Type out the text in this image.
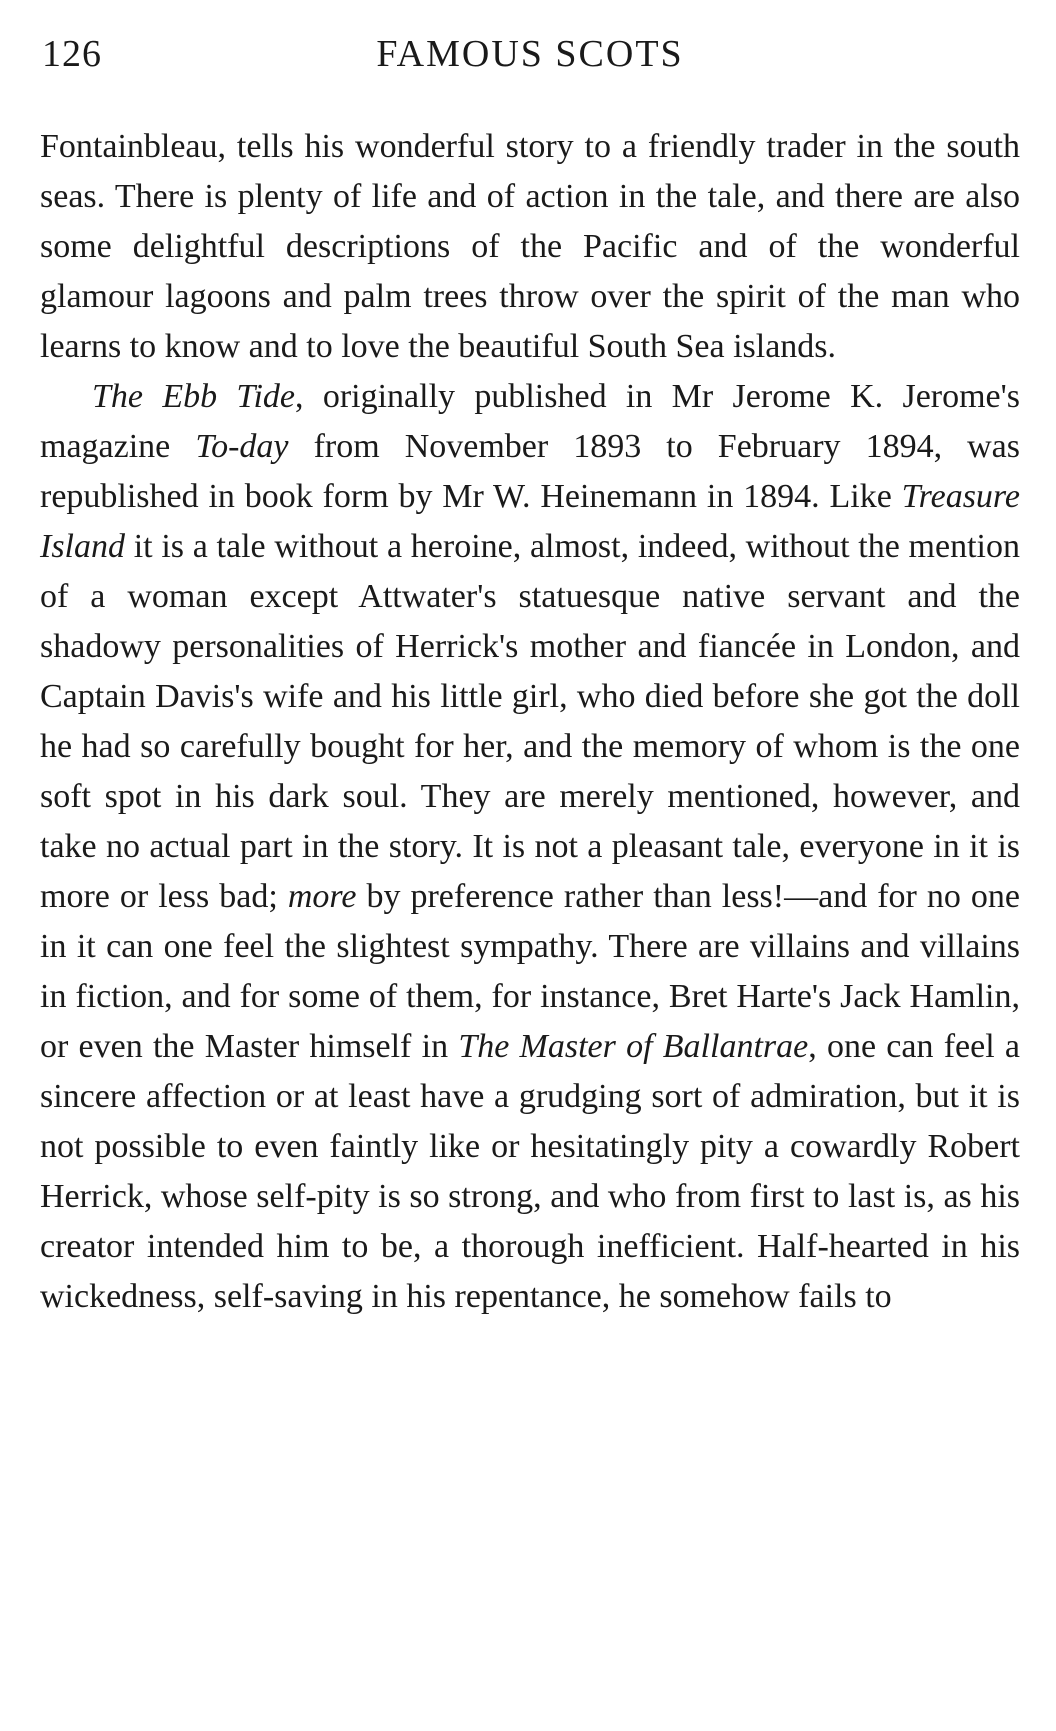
126	FAMOUS SCOTS

Fontainbleau, tells his wonderful story to a friendly trader in the south seas. There is plenty of life and of action in the tale, and there are also some delightful descriptions of the Pacific and of the wonderful glamour lagoons and palm trees throw over the spirit of the man who learns to know and to love the beautiful South Sea islands.

The Ebb Tide, originally published in Mr Jerome K. Jerome's magazine To-day from November 1893 to February 1894, was republished in book form by Mr W. Heinemann in 1894. Like Treasure Island it is a tale without a heroine, almost, indeed, without the mention of a woman except Attwater's statuesque native servant and the shadowy personalities of Herrick's mother and fiancée in London, and Captain Davis's wife and his little girl, who died before she got the doll he had so carefully bought for her, and the memory of whom is the one soft spot in his dark soul. They are merely mentioned, however, and take no actual part in the story. It is not a pleasant tale, everyone in it is more or less bad; more by preference rather than less!—and for no one in it can one feel the slightest sympathy. There are villains and villains in fiction, and for some of them, for instance, Bret Harte's Jack Hamlin, or even the Master himself in The Master of Ballantrae, one can feel a sincere affection or at least have a grudging sort of admiration, but it is not possible to even faintly like or hesitatingly pity a cowardly Robert Herrick, whose self-pity is so strong, and who from first to last is, as his creator intended him to be, a thorough inefficient. Half-hearted in his wickedness, self-saving in his repentance, he somehow fails to
